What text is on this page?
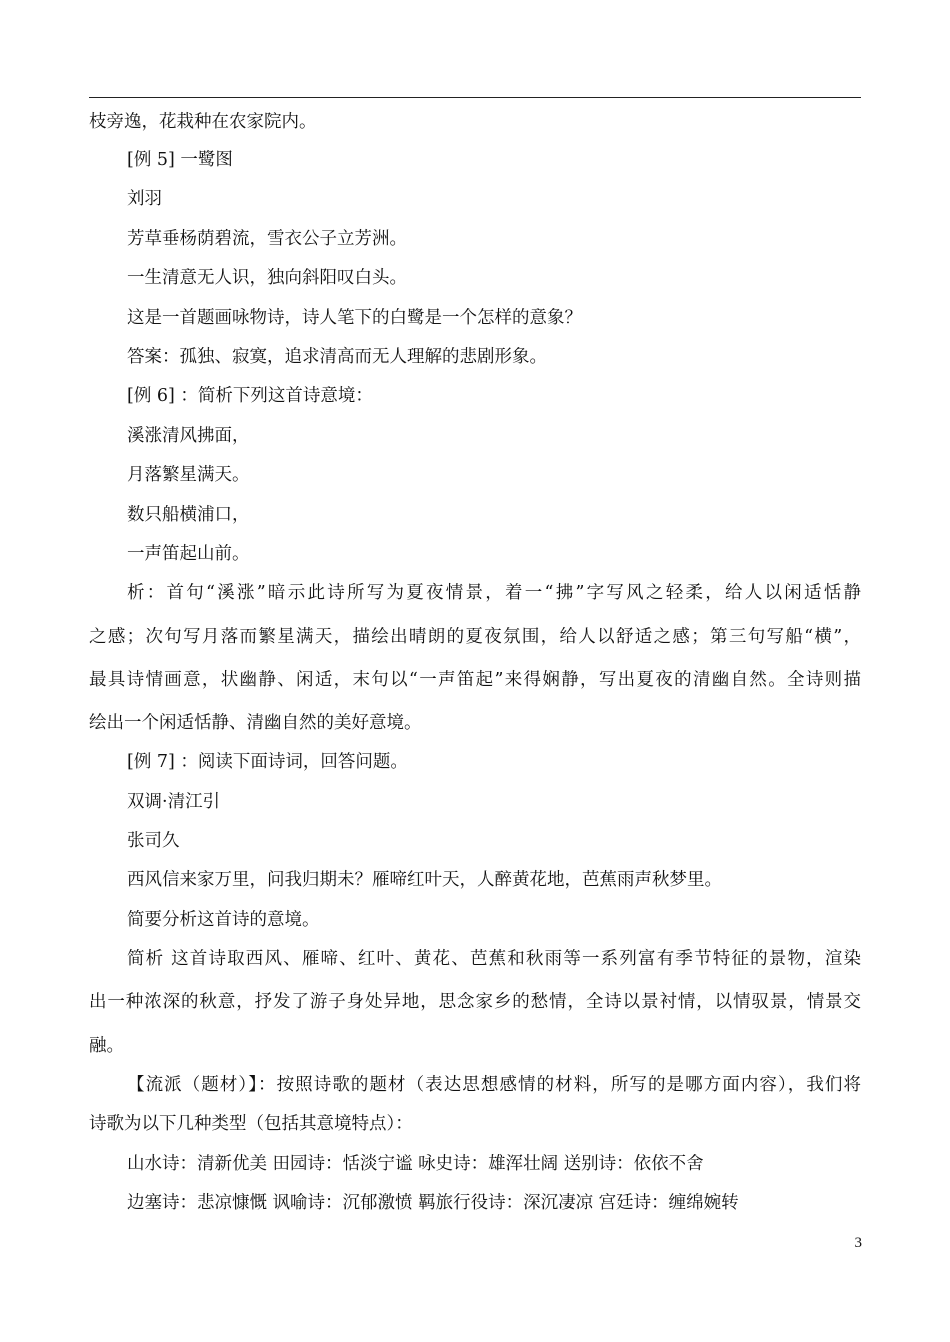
枝旁逸，花栽种在农家院内。
[例 5] 一鹭图
刘羽
芳草垂杨荫碧流，雪衣公子立芳洲。
一生清意无人识，独向斜阳叹白头。
这是一首题画咏物诗，诗人笔下的白鹭是一个怎样的意象？
答案：孤独、寂寞，追求清高而无人理解的悲剧形象。
[例 6] ：简析下列这首诗意境：
溪涨清风拂面，
月落繁星满天。
数只船横浦口，
一声笛起山前。
析：首句“溪涨”暗示此诗所写为夏夜情景，着一“拂”字写风之轻柔，给人以闲适恬静
之感；次句写月落而繁星满天，描绘出晴朗的夏夜氛围，给人以舒适之感；第三句写船“横”，
最具诗情画意，状幽静、闲适，末句以“一声笛起”来得娴静，写出夏夜的清幽自然。全诗则描
绘出一个闲适恬静、清幽自然的美好意境。
[例 7] ：阅读下面诗词，回答问题。
双调·清江引
张司久
西风信来家万里，问我归期未？雁啼红叶天，人醉黄花地，芭蕉雨声秋梦里。
简要分析这首诗的意境。
简析 这首诗取西风、雁啼、红叶、黄花、芭蕉和秋雨等一系列富有季节特征的景物，渲染
出一种浓深的秋意，抒发了游子身处异地，思念家乡的愁情，全诗以景衬情，以情驭景，情景交
融。
【流派（题材）】：按照诗歌的题材（表达思想感情的材料，所写的是哪方面内容），我们将
诗歌为以下几种类型（包括其意境特点）：
山水诗：清新优美 田园诗：恬淡宁谧 咏史诗：雄浑壮阔 送别诗：依依不舍
边塞诗：悲凉慷慨 讽喻诗：沉郁激愤 羁旅行役诗：深沉凄凉 宫廷诗：缠绵婉转
3
